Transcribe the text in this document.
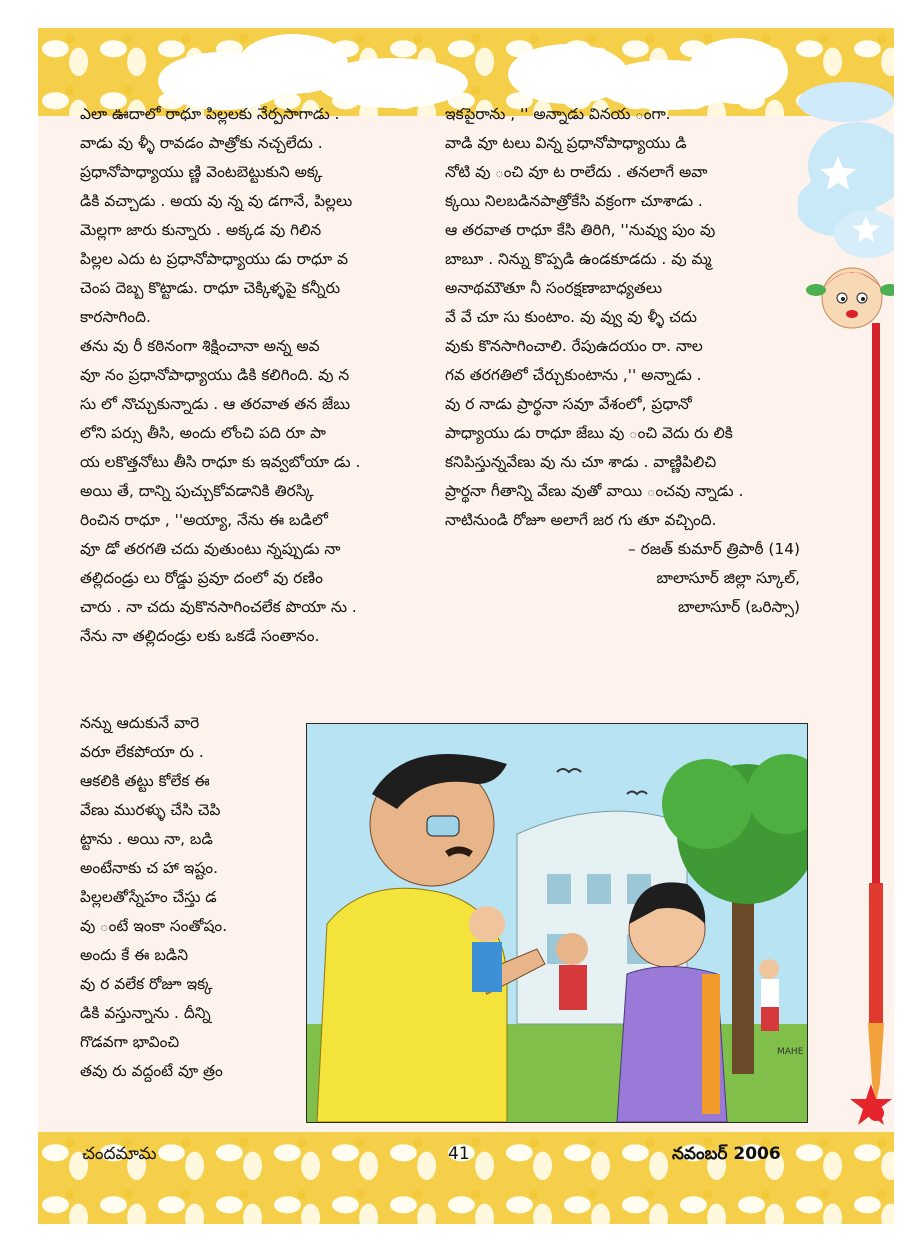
ఎలా ఊదాలో రాధూ పిల్లలకు నేర్పసాగాడు .

వాడు వు ళ్ళీ రావడం పాత్రోకు నచ్చలేదు .

ప్రధానోపాధ్యాయు ణ్ణి వెంటబెట్టుకుని అక్క

డికి వచ్చాడు . అయ వు న్న వు డగానే, పిల్లలు

మెల్లగా జారు కున్నారు . అక్కడ వు గిలిన

పిల్లల ఎదు ట ప్రధానోపాధ్యాయు డు రాధూ వ

చెంప దెబ్బ కొట్టాడు. రాధూ చెక్కిళ్ళపై కన్నీరు

కారసాగింది.

తను వు రీ కఠినంగా శిక్షించానా అన్న అవ

వూ నం ప్రధానోపాధ్యాయు డికి కలిగింది. వు న

సు లో నొచ్చుకున్నాడు . ఆ తరవాత తన జేబు

లోని పర్సు తీసి, అందు లోంచి పది రూ పా

య లకొత్తనోటు తీసి రాధూ కు ఇవ్వబోయా డు .

అయి తే, దాన్ని పుచ్చుకోవడానికి తిరస్కి

రించిన రాధూ , ''అయ్యా, నేను ఈ బడిలో

వూ డో తరగతి చదు వుతుంటు న్నప్పుడు నా

తల్లిదండ్రు లు రోడ్డు ప్రవూ దంలో వు రణిం

చారు . నా చదు వుకొనసాగించలేక పొయా ను .

నేను నా తల్లిదండ్రు లకు ఒకడే సంతానం.

నన్ను ఆదుకునే వారె

వరూ లేకపోయా రు .

ఆకలికి తట్టు కోలేక ఈ

వేణు మురళ్ళు చేసి చెపి

ట్టాను . అయి నా, బడి

అంటేనాకు చ హా ఇష్టం.

పిల్లలతోస్నేహం చేస్తు డ

వు ంటే ఇంకా సంతోషం.

అందు కే ఈ బడిని

వు ర వలేక రోజూ ఇక్క

డికి వస్తున్నాను . దీన్ని

గొడవగా భావించి

తవు రు వద్దంటే వూ త్రం

ఇకపైరాను , '' అన్నాడు వినయ ంగా.

వాడి వూ టలు విన్న ప్రధానోపాధ్యాయు డి

నోటి వు ంచి వూ ట రాలేదు . తనలాగే అవా

క్కయి నిలబడినపాత్రోకేసి వక్రంగా చూశాడు .

ఆ తరవాత రాధూ కేసి తిరిగి, ''నువ్వు పుం వు

బాబూ . నిన్ను కొప్పడి ఉండకూడదు . వు మ్మ

అనాథమౌతూ నీ సంరక్షణాబాధ్యతలు

వే వే చూ సు కుంటాం. వు వ్వు వు ళ్ళీ చదు

వుకు కొనసాగించాలి. రేపుఉదయం రా. నాల

గవ తరగతిలో చేర్చుకుంటాను ,'' అన్నాడు .

వు ర నాడు ప్రార్థనా సవూ వేశంలో, ప్రధానో

పాధ్యాయు డు రాధూ జేబు వు ంచి వెదు రు లికి

కనిపిస్తున్నవేణు వు ను చూ శాడు . వాణ్ణిపిలిచి

ప్రార్థనా గీతాన్ని వేణు వుతో వాయి ంచవు న్నాడు .

నాటినుండి రోజూ అలాగే జర గు తూ వచ్చింది.

– రజత్ కుమార్ త్రిపాఠీ (14)

బాలాసూర్ జిల్లా స్కూల్,

బాలాసూర్ (ఒరిస్సా)

MAHE
చందమామ	41	నవంబర్ 2006
